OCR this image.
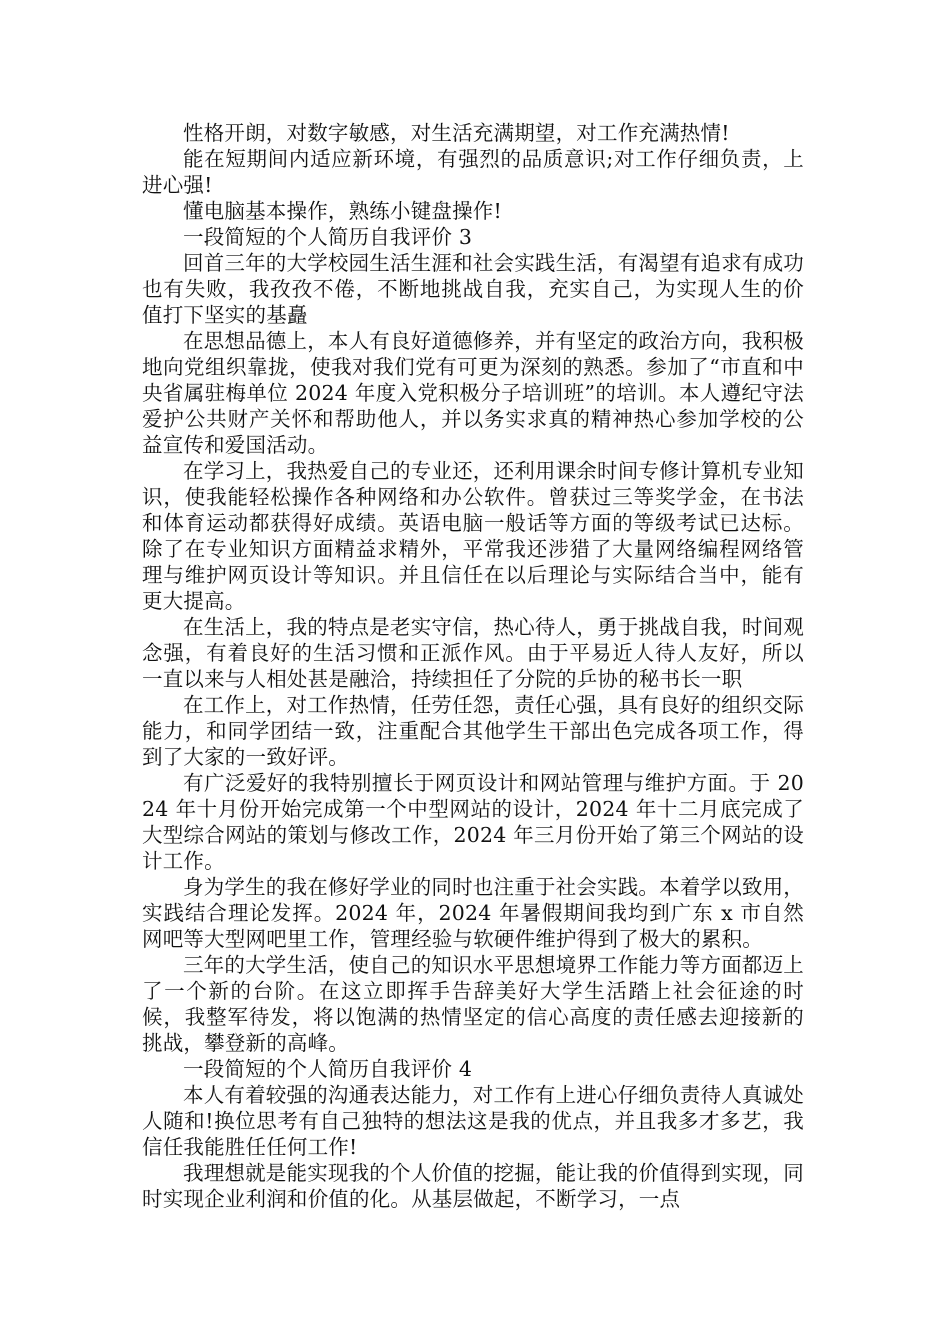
性格开朗，对数字敏感，对生活充满期望，对工作充满热情!

能在短期间内适应新环境，有强烈的品质意识;对工作仔细负责，上进心强!

懂电脑基本操作，熟练小键盘操作!

一段简短的个人简历自我评价 3

回首三年的大学校园生活生涯和社会实践生活，有渴望有追求有成功也有失败，我孜孜不倦，不断地挑战自我，充实自己，为实现人生的价值打下坚实的基矗

在思想品德上，本人有良好道德修养，并有坚定的政治方向，我积极地向党组织靠拢，使我对我们党有可更为深刻的熟悉。参加了“市直和中央省属驻梅单位 2024 年度入党积极分子培训班”的培训。本人遵纪守法爱护公共财产关怀和帮助他人，并以务实求真的精神热心参加学校的公益宣传和爱国活动。

在学习上，我热爱自己的专业还，还利用课余时间专修计算机专业知识，使我能轻松操作各种网络和办公软件。曾获过三等奖学金，在书法和体育运动都获得好成绩。英语电脑一般话等方面的等级考试已达标。除了在专业知识方面精益求精外，平常我还涉猎了大量网络编程网络管理与维护网页设计等知识。并且信任在以后理论与实际结合当中，能有更大提高。

在生活上，我的特点是老实守信，热心待人，勇于挑战自我，时间观念强，有着良好的生活习惯和正派作风。由于平易近人待人友好，所以一直以来与人相处甚是融洽，持续担任了分院的乒协的秘书长一职

在工作上，对工作热情，任劳任怨，责任心强，具有良好的组织交际能力，和同学团结一致，注重配合其他学生干部出色完成各项工作，得到了大家的一致好评。

有广泛爱好的我特别擅长于网页设计和网站管理与维护方面。于 2024 年十月份开始完成第一个中型网站的设计，2024 年十二月底完成了大型综合网站的策划与修改工作，2024 年三月份开始了第三个网站的设计工作。

身为学生的我在修好学业的同时也注重于社会实践。本着学以致用，实践结合理论发挥。2024 年，2024 年暑假期间我均到广东 x 市自然网吧等大型网吧里工作，管理经验与软硬件维护得到了极大的累积。

三年的大学生活，使自己的知识水平思想境界工作能力等方面都迈上了一个新的台阶。在这立即挥手告辞美好大学生活踏上社会征途的时候，我整军待发，将以饱满的热情坚定的信心高度的责任感去迎接新的挑战，攀登新的高峰。

一段简短的个人简历自我评价 4

本人有着较强的沟通表达能力，对工作有上进心仔细负责待人真诚处人随和!换位思考有自己独特的想法这是我的优点，并且我多才多艺，我信任我能胜任任何工作!

我理想就是能实现我的个人价值的挖掘，能让我的价值得到实现，同时实现企业利润和价值的化。从基层做起，不断学习，一点
